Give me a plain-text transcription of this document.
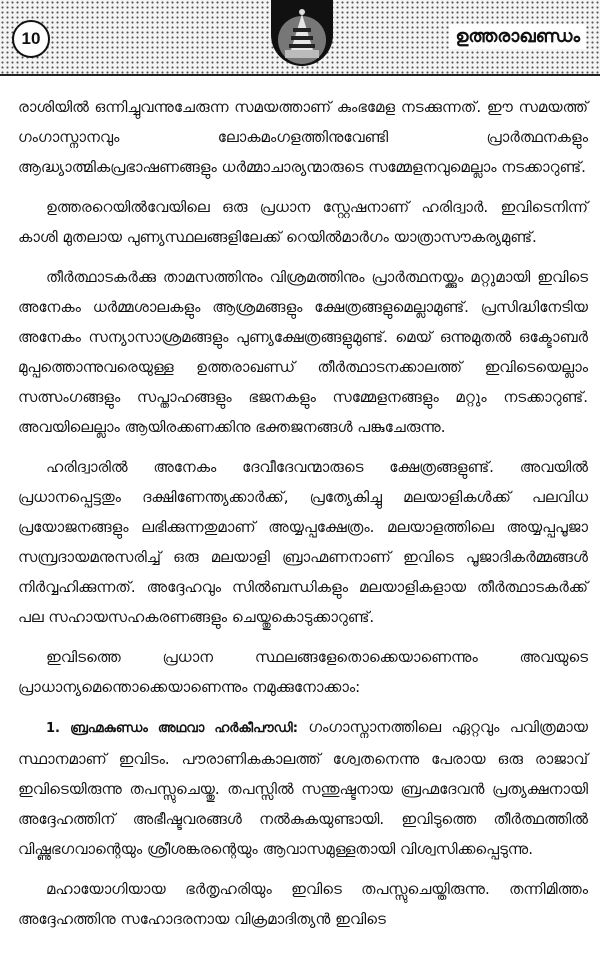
10	ഉത്തരാഖണ്ഡം

രാശിയിൽ ഒന്നിച്ചുവന്നുചേരുന്ന സമയത്താണ് കുംഭമേള നടക്കുന്നത്. ഈ സമയത്ത് ഗംഗാസ്നാനവും ലോകമംഗളത്തിനുവേണ്ടി പ്രാർത്ഥനകളും ആദ്ധ്യാത്മികപ്രഭാഷണങ്ങളും ധർമ്മാചാര്യന്മാരുടെ സമ്മേളനവുമെല്ലാം നടക്കാറുണ്ട്.

ഉത്തരറെയിൽവേയിലെ ഒരു പ്രധാന സ്റ്റേഷനാണ് ഹരിദ്വാർ. ഇവിടെനിന്ന് കാശി മുതലായ പുണ്യസ്ഥലങ്ങളിലേക്ക് റെയിൽമാർഗം യാത്രാസൗകര്യമുണ്ട്.

തീർത്ഥാടകർക്കു താമസത്തിനും വിശ്രമത്തിനും പ്രാർത്ഥനയ്ക്കും മറ്റുമായി ഇവിടെ അനേകം ധർമ്മശാലകളും ആശ്രമങ്ങളും ക്ഷേത്രങ്ങളുമെല്ലാമുണ്ട്. പ്രസിദ്ധിനേടിയ അനേകം സന്യാസാശ്രമങ്ങളും പുണ്യക്ഷേത്രങ്ങളുമുണ്ട്. മെയ് ഒന്നുമുതൽ ഒക്ടോബർ മുപ്പത്തൊന്നുവരെയുള്ള ഉത്തരാഖണ്ഡ് തീർത്ഥാടനക്കാലത്ത് ഇവിടെയെല്ലാം സത്സംഗങ്ങളും സപ്താഹങ്ങളും ഭജനകളും സമ്മേളനങ്ങളും മറ്റും നടക്കാറുണ്ട്. അവയിലെല്ലാം ആയിരക്കണക്കിനു ഭക്തജനങ്ങൾ പങ്കുചേരുന്നു.

ഹരിദ്വാരിൽ അനേകം ദേവീദേവന്മാരുടെ ക്ഷേത്രങ്ങളുണ്ട്. അവയിൽ പ്രധാനപ്പെട്ടതും ദക്ഷിണേന്ത്യക്കാർക്ക്, പ്രത്യേകിച്ചു മലയാളികൾക്ക് പലവിധ പ്രയോജനങ്ങളും ലഭിക്കുന്നതുമാണ് അയ്യപ്പക്ഷേത്രം. മലയാളത്തിലെ അയ്യപ്പപൂജാ സമ്പ്രദായമനുസരിച്ച് ഒരു മലയാളി ബ്രാഹ്മണനാണ് ഇവിടെ പൂജാദികർമ്മങ്ങൾ നിർവ്വഹിക്കുന്നത്. അദ്ദേഹവും സിൽബന്ധികളും മലയാളികളായ തീർത്ഥാടകർക്ക് പല സഹായസഹകരണങ്ങളും ചെയ്തുകൊടുക്കാറുണ്ട്.

ഇവിടത്തെ പ്രധാന സ്ഥലങ്ങളേതൊക്കെയാണെന്നും അവയുടെ പ്രാധാന്യമെന്തൊക്കെയാണെന്നും നമുക്കുനോക്കാം:

1. ബ്രഹ്മകുണ്ഡം അഥവാ ഹർകീപൗഡി: ഗംഗാസ്നാനത്തിലെ ഏറ്റവും പവിത്രമായ സ്ഥാനമാണ് ഇവിടം. പൗരാണികകാലത്ത് ശ്വേതനെന്നു പേരായ ഒരു രാജാവ് ഇവിടെയിരുന്നു തപസ്സുചെയ്തു. തപസ്സിൽ സന്തുഷ്ടനായ ബ്രഹ്മദേവൻ പ്രത്യക്ഷനായി അദ്ദേഹത്തിന് അഭീഷ്ടവരങ്ങൾ നൽകുകയുണ്ടായി. ഇവിടുത്തെ തീർത്ഥത്തിൽ വിഷ്ണുഭഗവാന്റെയും ശ്രീശങ്കരന്റെയും ആവാസമുള്ളതായി വിശ്വസിക്കപ്പെടുന്നു.

മഹായോഗിയായ ഭർതൃഹരിയും ഇവിടെ തപസ്സുചെയ്തിരുന്നു. തന്നിമിത്തം അദ്ദേഹത്തിനു സഹോദരനായ വിക്രമാദിത്യൻ ഇവിടെ
